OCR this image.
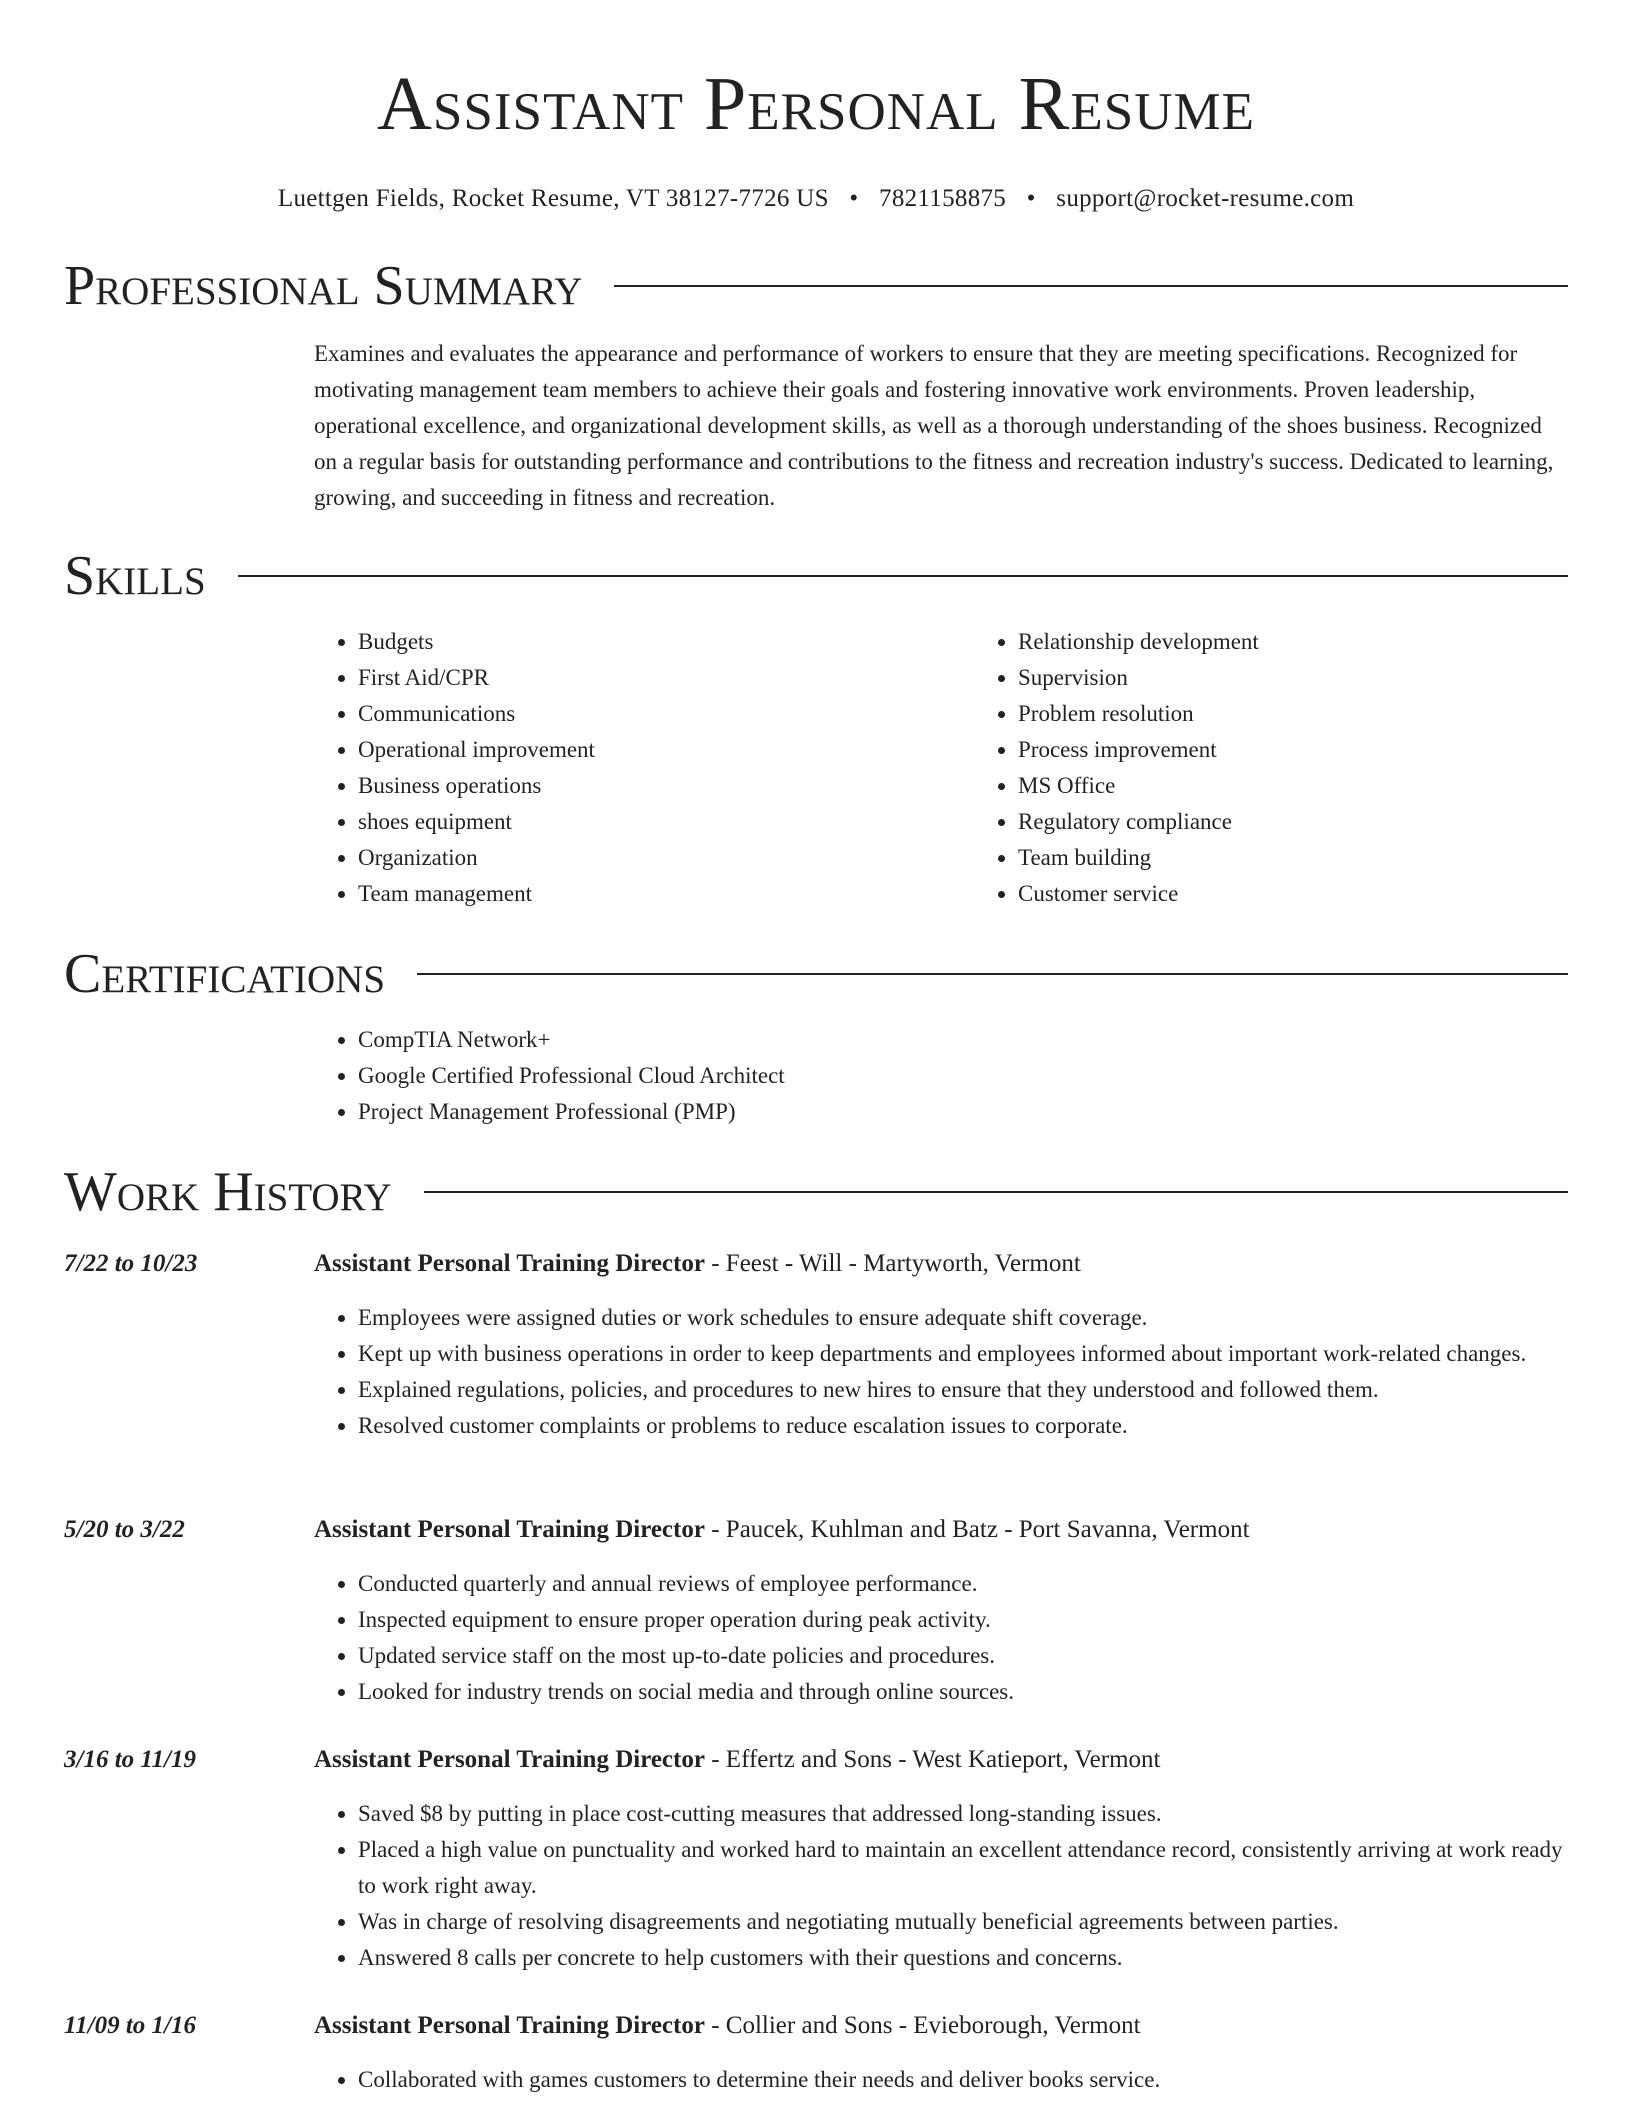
Assistant Personal Resume
Luettgen Fields, Rocket Resume, VT 38127-7726 US • 7821158875 • support@rocket-resume.com
Professional Summary
Examines and evaluates the appearance and performance of workers to ensure that they are meeting specifications. Recognized for motivating management team members to achieve their goals and fostering innovative work environments. Proven leadership, operational excellence, and organizational development skills, as well as a thorough understanding of the shoes business. Recognized on a regular basis for outstanding performance and contributions to the fitness and recreation industry's success. Dedicated to learning, growing, and succeeding in fitness and recreation.
Skills
• Budgets
• First Aid/CPR
• Communications
• Operational improvement
• Business operations
• shoes equipment
• Organization
• Team management
• Relationship development
• Supervision
• Problem resolution
• Process improvement
• MS Office
• Regulatory compliance
• Team building
• Customer service
Certifications
• CompTIA Network+
• Google Certified Professional Cloud Architect
• Project Management Professional (PMP)
Work History
7/22 to 10/23	Assistant Personal Training Director - Feest - Will - Martyworth, Vermont
• Employees were assigned duties or work schedules to ensure adequate shift coverage.
• Kept up with business operations in order to keep departments and employees informed about important work-related changes.
• Explained regulations, policies, and procedures to new hires to ensure that they understood and followed them.
• Resolved customer complaints or problems to reduce escalation issues to corporate.
5/20 to 3/22	Assistant Personal Training Director - Paucek, Kuhlman and Batz - Port Savanna, Vermont
• Conducted quarterly and annual reviews of employee performance.
• Inspected equipment to ensure proper operation during peak activity.
• Updated service staff on the most up-to-date policies and procedures.
• Looked for industry trends on social media and through online sources.
3/16 to 11/19	Assistant Personal Training Director - Effertz and Sons - West Katieport, Vermont
• Saved $8 by putting in place cost-cutting measures that addressed long-standing issues.
• Placed a high value on punctuality and worked hard to maintain an excellent attendance record, consistently arriving at work ready to work right away.
• Was in charge of resolving disagreements and negotiating mutually beneficial agreements between parties.
• Answered 8 calls per concrete to help customers with their questions and concerns.
11/09 to 1/16	Assistant Personal Training Director - Collier and Sons - Evieborough, Vermont
• Collaborated with games customers to determine their needs and deliver books service.
